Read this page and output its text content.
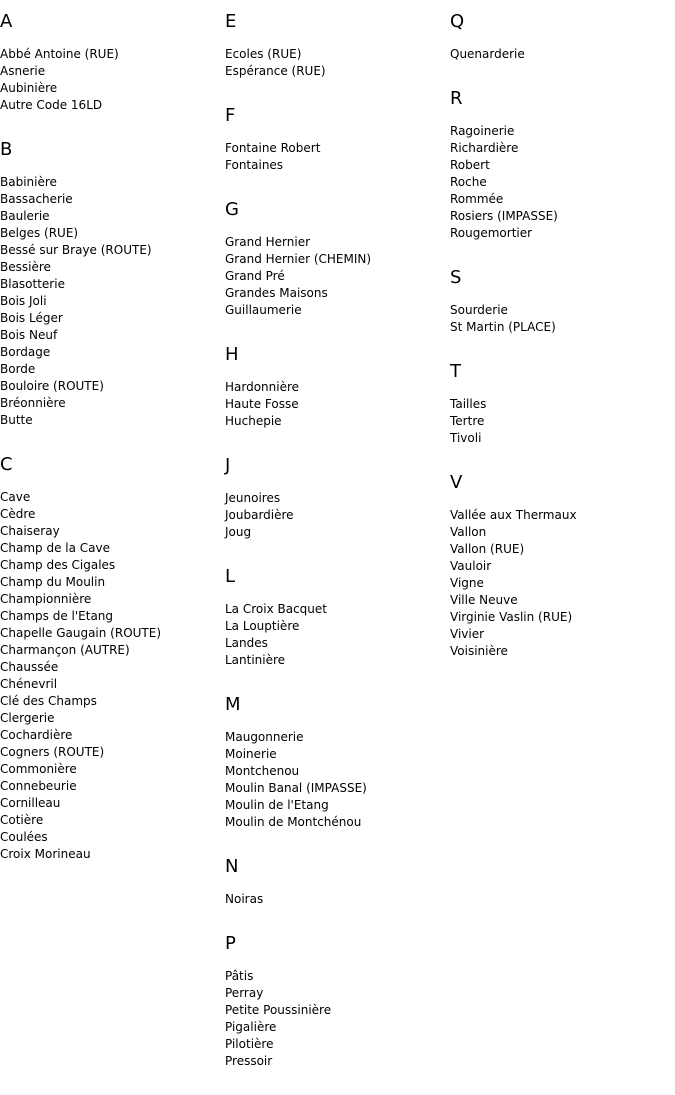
A
Abbé Antoine (RUE)
Asnerie
Aubinière
Autre Code 16LD
B
Babinière
Bassacherie
Baulerie
Belges (RUE)
Bessé sur Braye (ROUTE)
Bessière
Blasotterie
Bois Joli
Bois Léger
Bois Neuf
Bordage
Borde
Bouloire (ROUTE)
Bréonnière
Butte
C
Cave
Cèdre
Chaiseray
Champ de la Cave
Champ des Cigales
Champ du Moulin
Championnière
Champs de l'Etang
Chapelle Gaugain (ROUTE)
Charmançon (AUTRE)
Chaussée
Chénevril
Clé des Champs
Clergerie
Cochardière
Cogners (ROUTE)
Commonière
Connebeurie
Cornilleau
Cotière
Coulées
Croix Morineau
E
Ecoles (RUE)
Espérance (RUE)
F
Fontaine Robert
Fontaines
G
Grand Hernier
Grand Hernier (CHEMIN)
Grand Pré
Grandes Maisons
Guillaumerie
H
Hardonnière
Haute Fosse
Huchepie
J
Jeunoires
Joubardière
Joug
L
La Croix Bacquet
La Louptière
Landes
Lantinière
M
Maugonnerie
Moinerie
Montchenou
Moulin Banal (IMPASSE)
Moulin de l'Etang
Moulin de Montchénou
N
Noiras
P
Pâtis
Perray
Petite Poussinière
Pigalière
Pilotière
Pressoir
Q
Quenarderie
R
Ragoinerie
Richardière
Robert
Roche
Rommée
Rosiers (IMPASSE)
Rougemortier
S
Sourderie
St Martin (PLACE)
T
Tailles
Tertre
Tivoli
V
Vallée aux Thermaux
Vallon
Vallon (RUE)
Vauloir
Vigne
Ville Neuve
Virginie Vaslin (RUE)
Vivier
Voisinière
